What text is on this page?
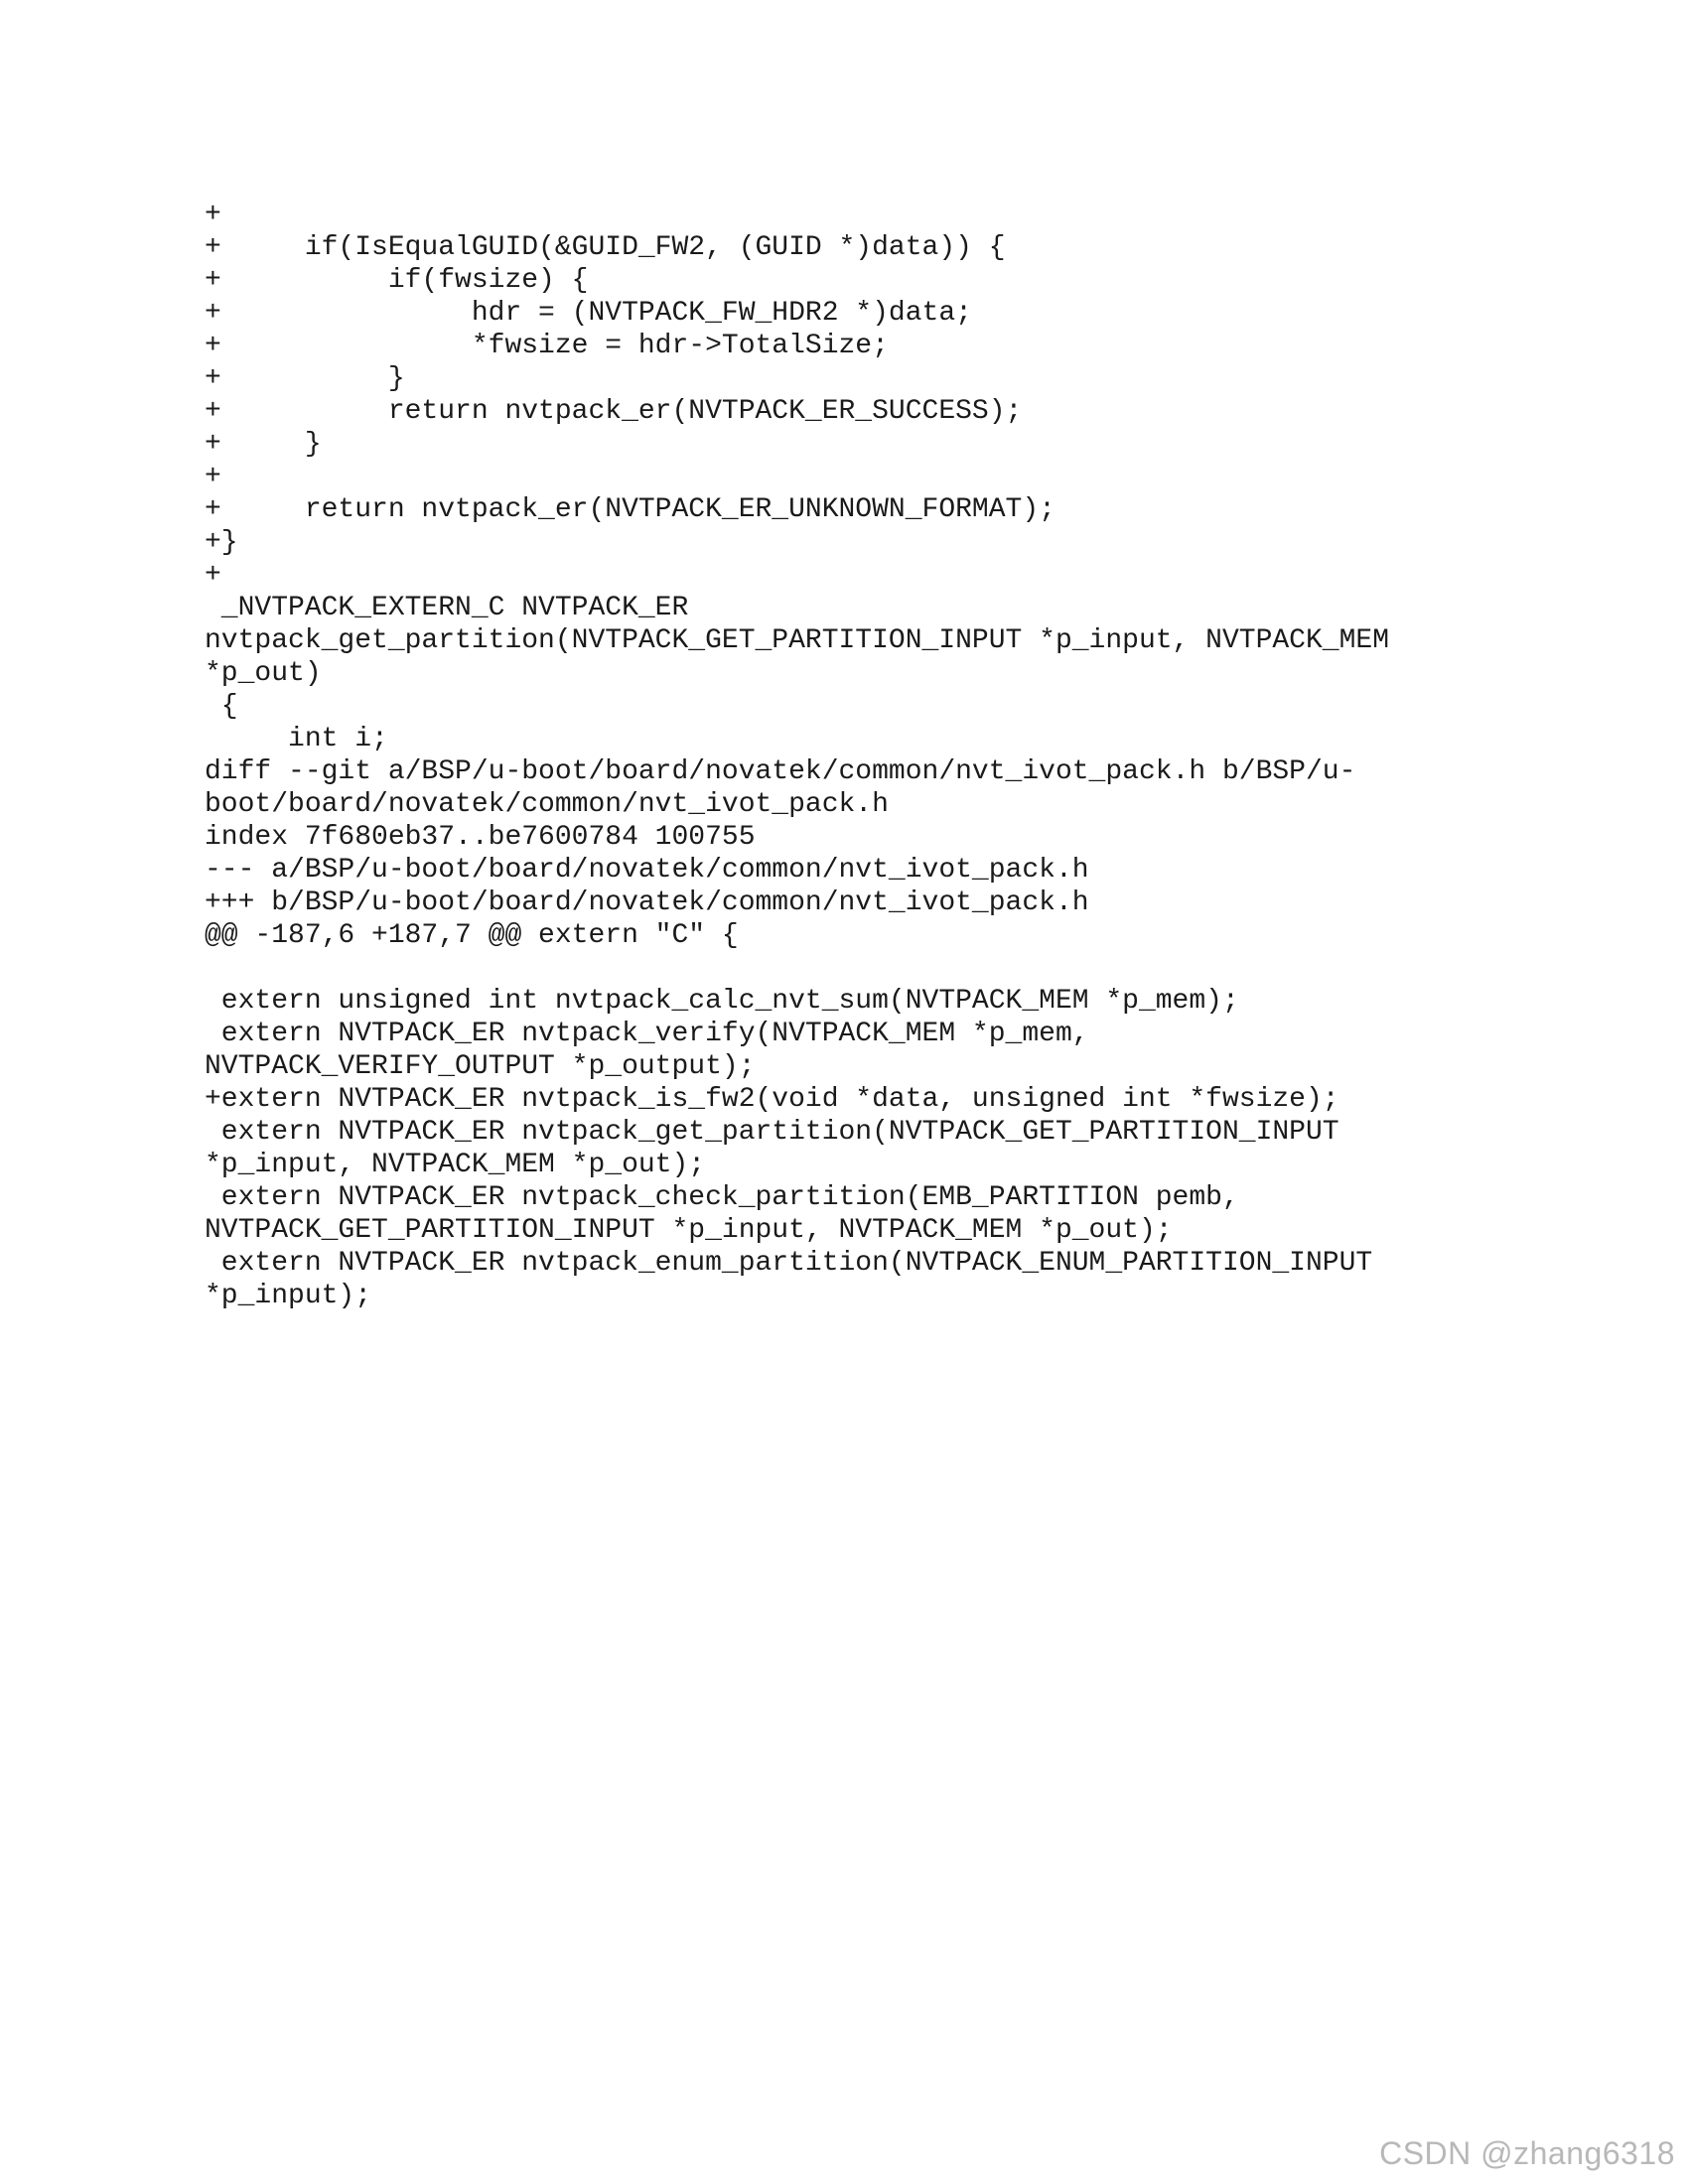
+
+     if(IsEqualGUID(&GUID_FW2, (GUID *)data)) {
+          if(fwsize) {
+               hdr = (NVTPACK_FW_HDR2 *)data;
+               *fwsize = hdr->TotalSize;
+          }
+          return nvtpack_er(NVTPACK_ER_SUCCESS);
+     }
+
+     return nvtpack_er(NVTPACK_ER_UNKNOWN_FORMAT);
+}
+
_NVTPACK_EXTERN_C NVTPACK_ER
nvtpack_get_partition(NVTPACK_GET_PARTITION_INPUT *p_input, NVTPACK_MEM
*p_out)
{
int i;
diff --git a/BSP/u-boot/board/novatek/common/nvt_ivot_pack.h b/BSP/u-
boot/board/novatek/common/nvt_ivot_pack.h
index 7f680eb37..be7600784 100755
--- a/BSP/u-boot/board/novatek/common/nvt_ivot_pack.h
+++ b/BSP/u-boot/board/novatek/common/nvt_ivot_pack.h
@@ -187,6 +187,7 @@ extern "C" {
extern unsigned int nvtpack_calc_nvt_sum(NVTPACK_MEM *p_mem);
extern NVTPACK_ER nvtpack_verify(NVTPACK_MEM *p_mem,
NVTPACK_VERIFY_OUTPUT *p_output);
+extern NVTPACK_ER nvtpack_is_fw2(void *data, unsigned int *fwsize);
extern NVTPACK_ER nvtpack_get_partition(NVTPACK_GET_PARTITION_INPUT
*p_input, NVTPACK_MEM *p_out);
extern NVTPACK_ER nvtpack_check_partition(EMB_PARTITION pemb,
NVTPACK_GET_PARTITION_INPUT *p_input, NVTPACK_MEM *p_out);
extern NVTPACK_ER nvtpack_enum_partition(NVTPACK_ENUM_PARTITION_INPUT
*p_input);
CSDN @zhang6318
